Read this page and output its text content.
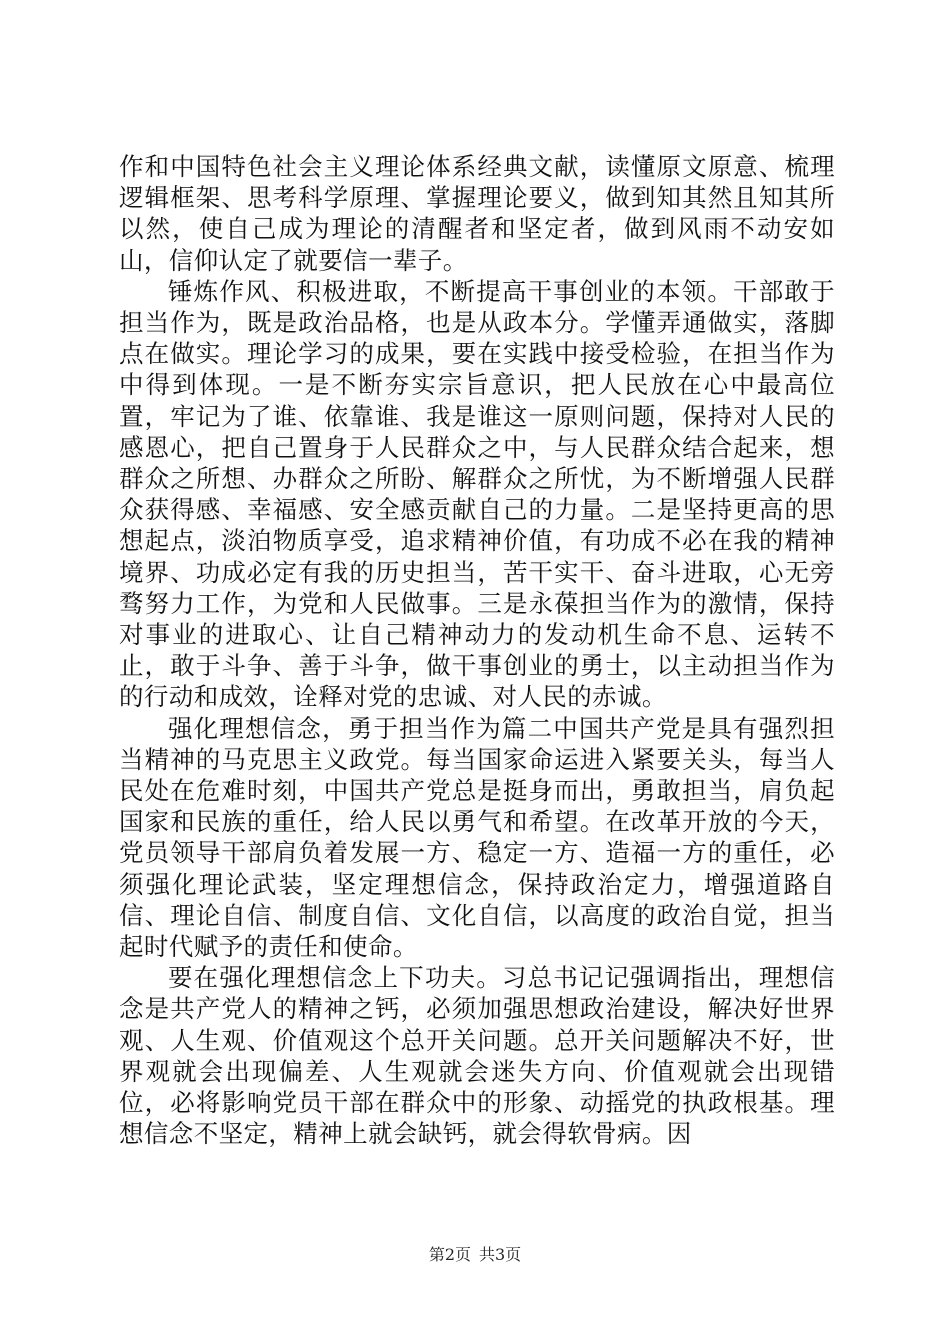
作和中国特色社会主义理论体系经典文献，读懂原文原意、梳理逻辑框架、思考科学原理、掌握理论要义，做到知其然且知其所以然，使自己成为理论的清醒者和坚定者，做到风雨不动安如山，信仰认定了就要信一辈子。

锤炼作风、积极进取，不断提高干事创业的本领。干部敢于担当作为，既是政治品格，也是从政本分。学懂弄通做实，落脚点在做实。理论学习的成果，要在实践中接受检验，在担当作为中得到体现。一是不断夯实宗旨意识，把人民放在心中最高位置，牢记为了谁、依靠谁、我是谁这一原则问题，保持对人民的感恩心，把自己置身于人民群众之中，与人民群众结合起来，想群众之所想、办群众之所盼、解群众之所忧，为不断增强人民群众获得感、幸福感、安全感贡献自己的力量。二是坚持更高的思想起点，淡泊物质享受，追求精神价值，有功成不必在我的精神境界、功成必定有我的历史担当，苦干实干、奋斗进取，心无旁骛努力工作，为党和人民做事。三是永葆担当作为的激情，保持对事业的进取心、让自己精神动力的发动机生命不息、运转不止，敢于斗争、善于斗争，做干事创业的勇士，以主动担当作为的行动和成效，诠释对党的忠诚、对人民的赤诚。

强化理想信念，勇于担当作为篇二中国共产党是具有强烈担当精神的马克思主义政党。每当国家命运进入紧要关头，每当人民处在危难时刻，中国共产党总是挺身而出，勇敢担当，肩负起国家和民族的重任，给人民以勇气和希望。在改革开放的今天，党员领导干部肩负着发展一方、稳定一方、造福一方的重任，必须强化理论武装，坚定理想信念，保持政治定力，增强道路自信、理论自信、制度自信、文化自信，以高度的政治自觉，担当起时代赋予的责任和使命。

要在强化理想信念上下功夫。习总书记记强调指出，理想信念是共产党人的精神之钙，必须加强思想政治建设，解决好世界观、人生观、价值观这个总开关问题。总开关问题解决不好，世界观就会出现偏差、人生观就会迷失方向、价值观就会出现错位，必将影响党员干部在群众中的形象、动摇党的执政根基。理想信念不坚定，精神上就会缺钙，就会得软骨病。因

第2页 共3页
